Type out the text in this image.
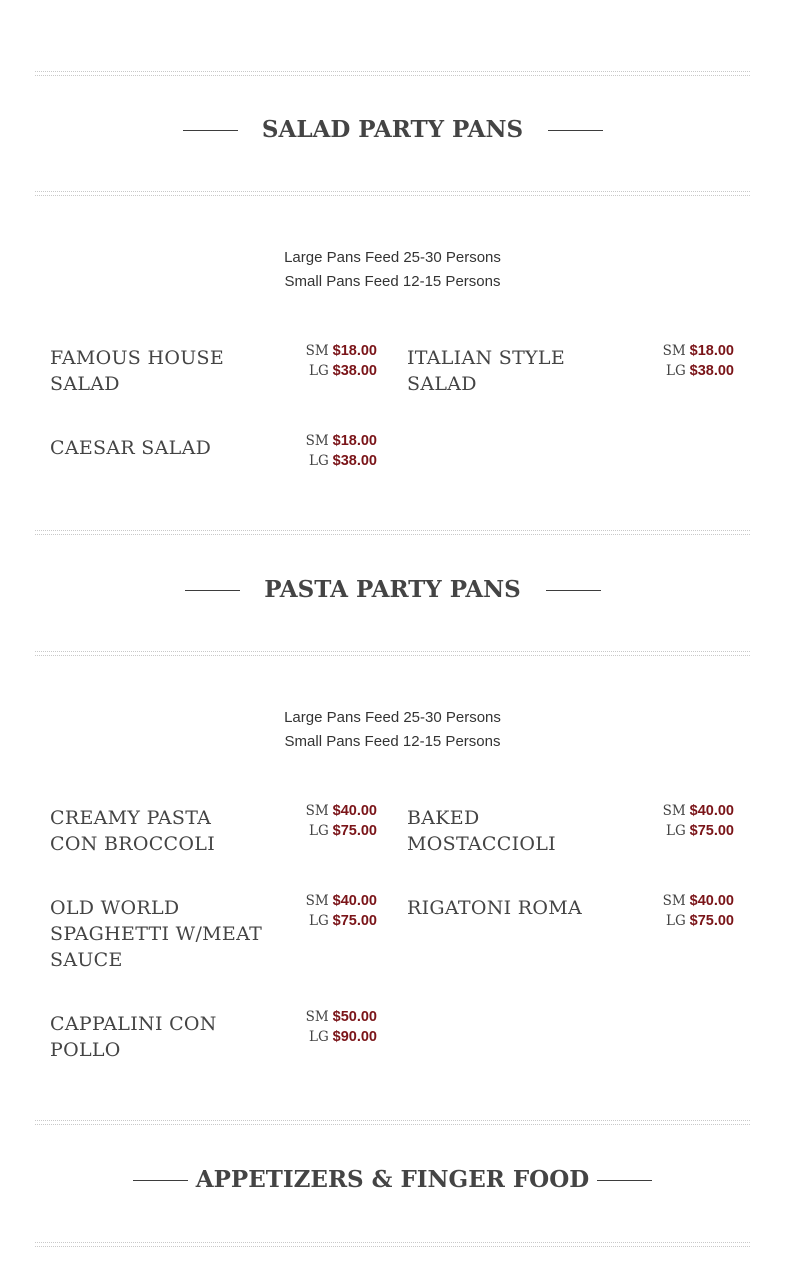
SALAD PARTY PANS
Large Pans Feed 25-30 Persons
Small Pans Feed 12-15 Persons
FAMOUS HOUSE SALAD
SM $18.00
LG $38.00
ITALIAN STYLE SALAD
SM $18.00
LG $38.00
CAESAR SALAD	SM $18.00
LG $38.00
PASTA PARTY PANS
Large Pans Feed 25-30 Persons
Small Pans Feed 12-15 Persons
CREAMY PASTA CON BROCCOLI
SM $40.00
LG $75.00
BAKED MOSTACCIOLI
SM $40.00
LG $75.00
OLD WORLD SPAGHETTI W/MEAT SAUCE
SM $40.00
LG $75.00
RIGATONI ROMA	SM $40.00
LG $75.00
CAPPALINI CON POLLO
SM $50.00
LG $90.00
APPETIZERS & FINGER FOOD
